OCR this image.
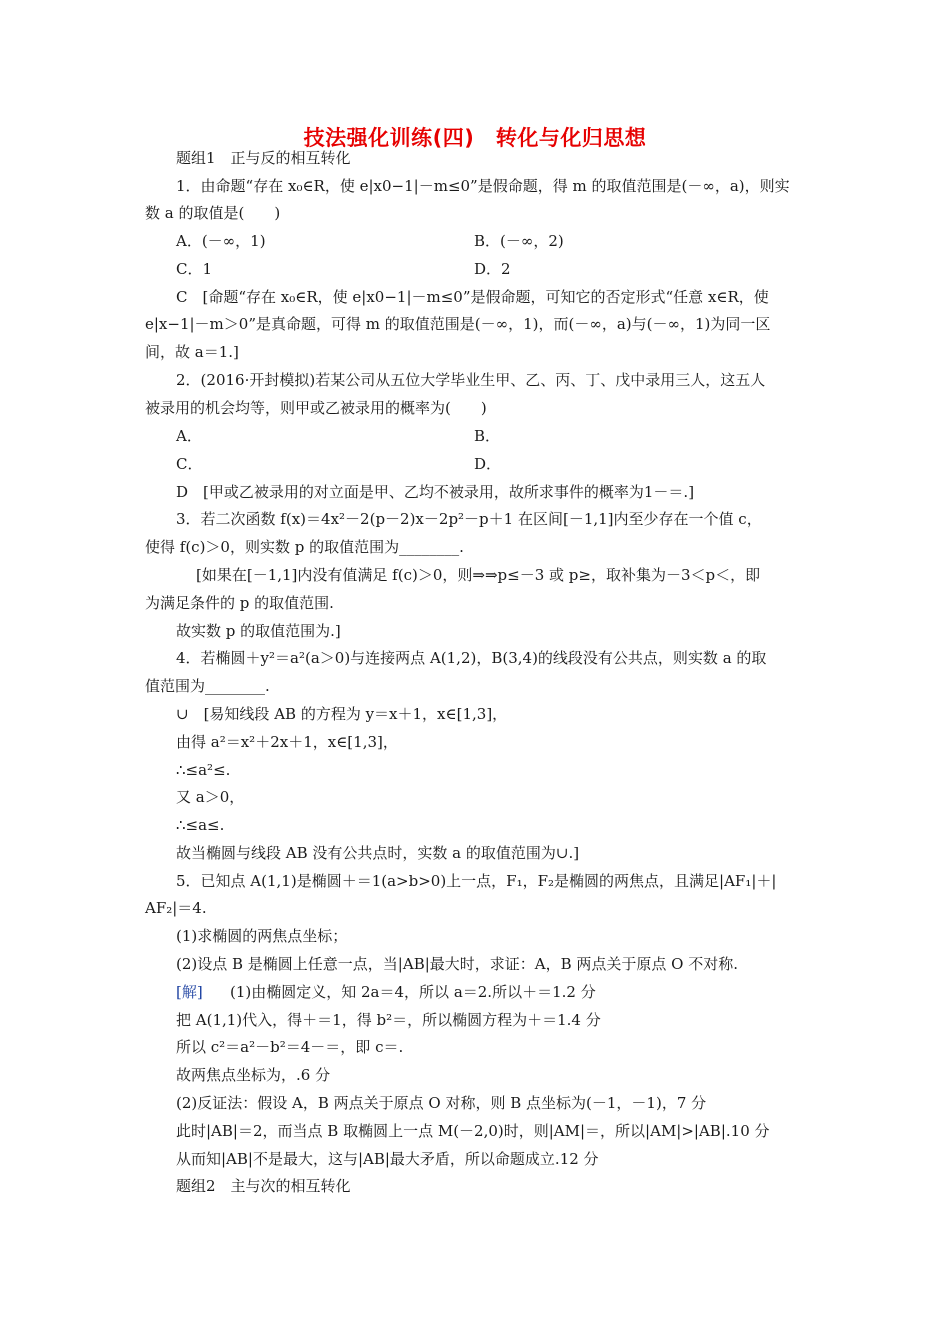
技法强化训练(四)　转化与化归思想
题组1　正与反的相互转化
1．由命题“存在 x₀∈R，使 e|x0−1|－m≤0”是假命题，得 m 的取值范围是(－∞，a)，则实
数 a 的取值是(　　)
A．(－∞，1)	B．(－∞，2)
C．1	D．2
C　[命题“存在 x₀∈R，使 e|x0−1|－m≤0”是假命题，可知它的否定形式“任意 x∈R，使
e|x−1|－m＞0”是真命题，可得 m 的取值范围是(－∞，1)，而(－∞，a)与(－∞，1)为同一区
间，故 a＝1.]
2．(2016·开封模拟)若某公司从五位大学毕业生甲、乙、丙、丁、戊中录用三人，这五人
被录用的机会均等，则甲或乙被录用的概率为(　　)
A．	B．
C．	D．
D　[甲或乙被录用的对立面是甲、乙均不被录用，故所求事件的概率为1－＝.]
3．若二次函数 f(x)＝4x²－2(p－2)x－2p²－p＋1 在区间[－1,1]内至少存在一个值 c，
使得 f(c)＞0，则实数 p 的取值范围为________.
[如果在[－1,1]内没有值满足 f(c)＞0，则⇒⇒p≤－3 或 p≥，取补集为－3＜p＜，即
为满足条件的 p 的取值范围.
故实数 p 的取值范围为.]
4．若椭圆＋y²＝a²(a＞0)与连接两点 A(1,2)，B(3,4)的线段没有公共点，则实数 a 的取
值范围为________.
∪　[易知线段 AB 的方程为 y＝x＋1，x∈[1,3]，
由得 a²＝x²＋2x＋1，x∈[1,3]，
∴≤a²≤.
又 a＞0，
∴≤a≤.
故当椭圆与线段 AB 没有公共点时，实数 a 的取值范围为∪.]
5．已知点 A(1,1)是椭圆＋＝1(a>b>0)上一点，F₁，F₂是椭圆的两焦点，且满足|AF₁|＋|
AF₂|＝4.
(1)求椭圆的两焦点坐标；
(2)设点 B 是椭圆上任意一点，当|AB|最大时，求证：A，B 两点关于原点 O 不对称.
[解] (1)由椭圆定义，知 2a＝4，所以 a＝2.所以＋＝1.2 分
把 A(1,1)代入，得＋＝1，得 b²＝，所以椭圆方程为＋＝1.4 分
所以 c²＝a²－b²＝4－＝，即 c＝.
故两焦点坐标为，.6 分
(2)反证法：假设 A，B 两点关于原点 O 对称，则 B 点坐标为(－1，－1)，7 分
此时|AB|＝2，而当点 B 取椭圆上一点 M(－2,0)时，则|AM|＝，所以|AM|>|AB|.10 分
从而知|AB|不是最大，这与|AB|最大矛盾，所以命题成立.12 分
题组2　主与次的相互转化
